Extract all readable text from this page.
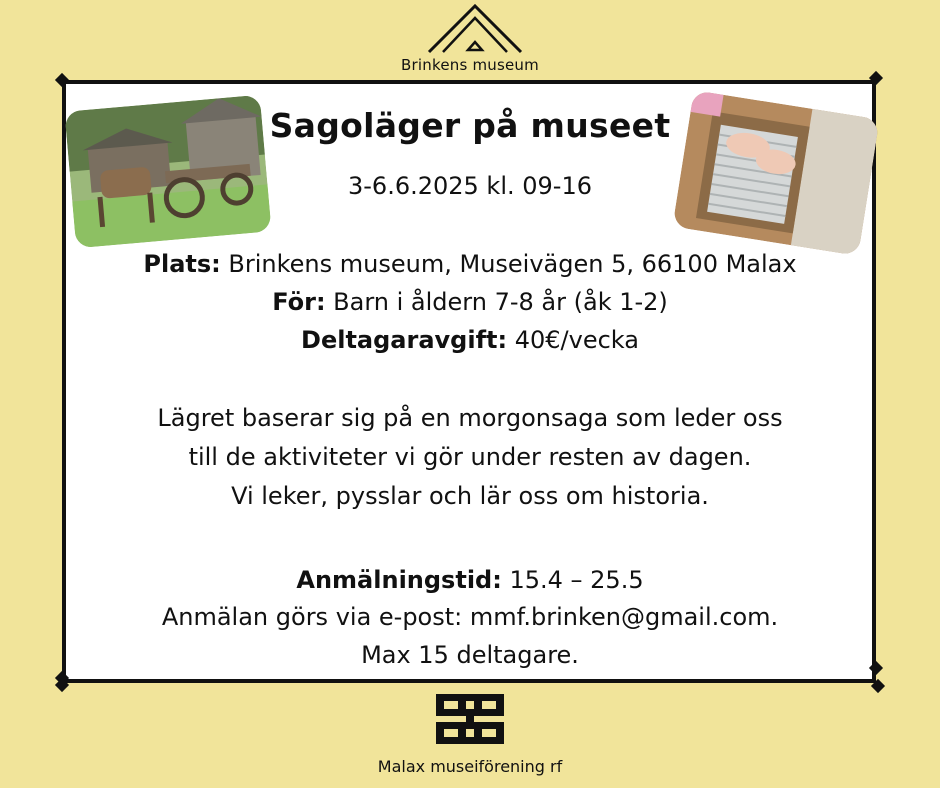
Brinkens museum
Sagoläger på museet
3-6.6.2025 kl. 09-16
Plats: Brinkens museum, Museivägen 5, 66100 Malax
För: Barn i åldern 7-8 år (åk 1-2)
Deltagaravgift: 40€/vecka
Lägret baserar sig på en morgonsaga som leder oss
till de aktiviteter vi gör under resten av dagen.
Vi leker, pysslar och lär oss om historia.
Anmälningstid: 15.4 – 25.5
Anmälan görs via e-post: mmf.brinken@gmail.com.
Max 15 deltagare.
Malax museiförening rf
